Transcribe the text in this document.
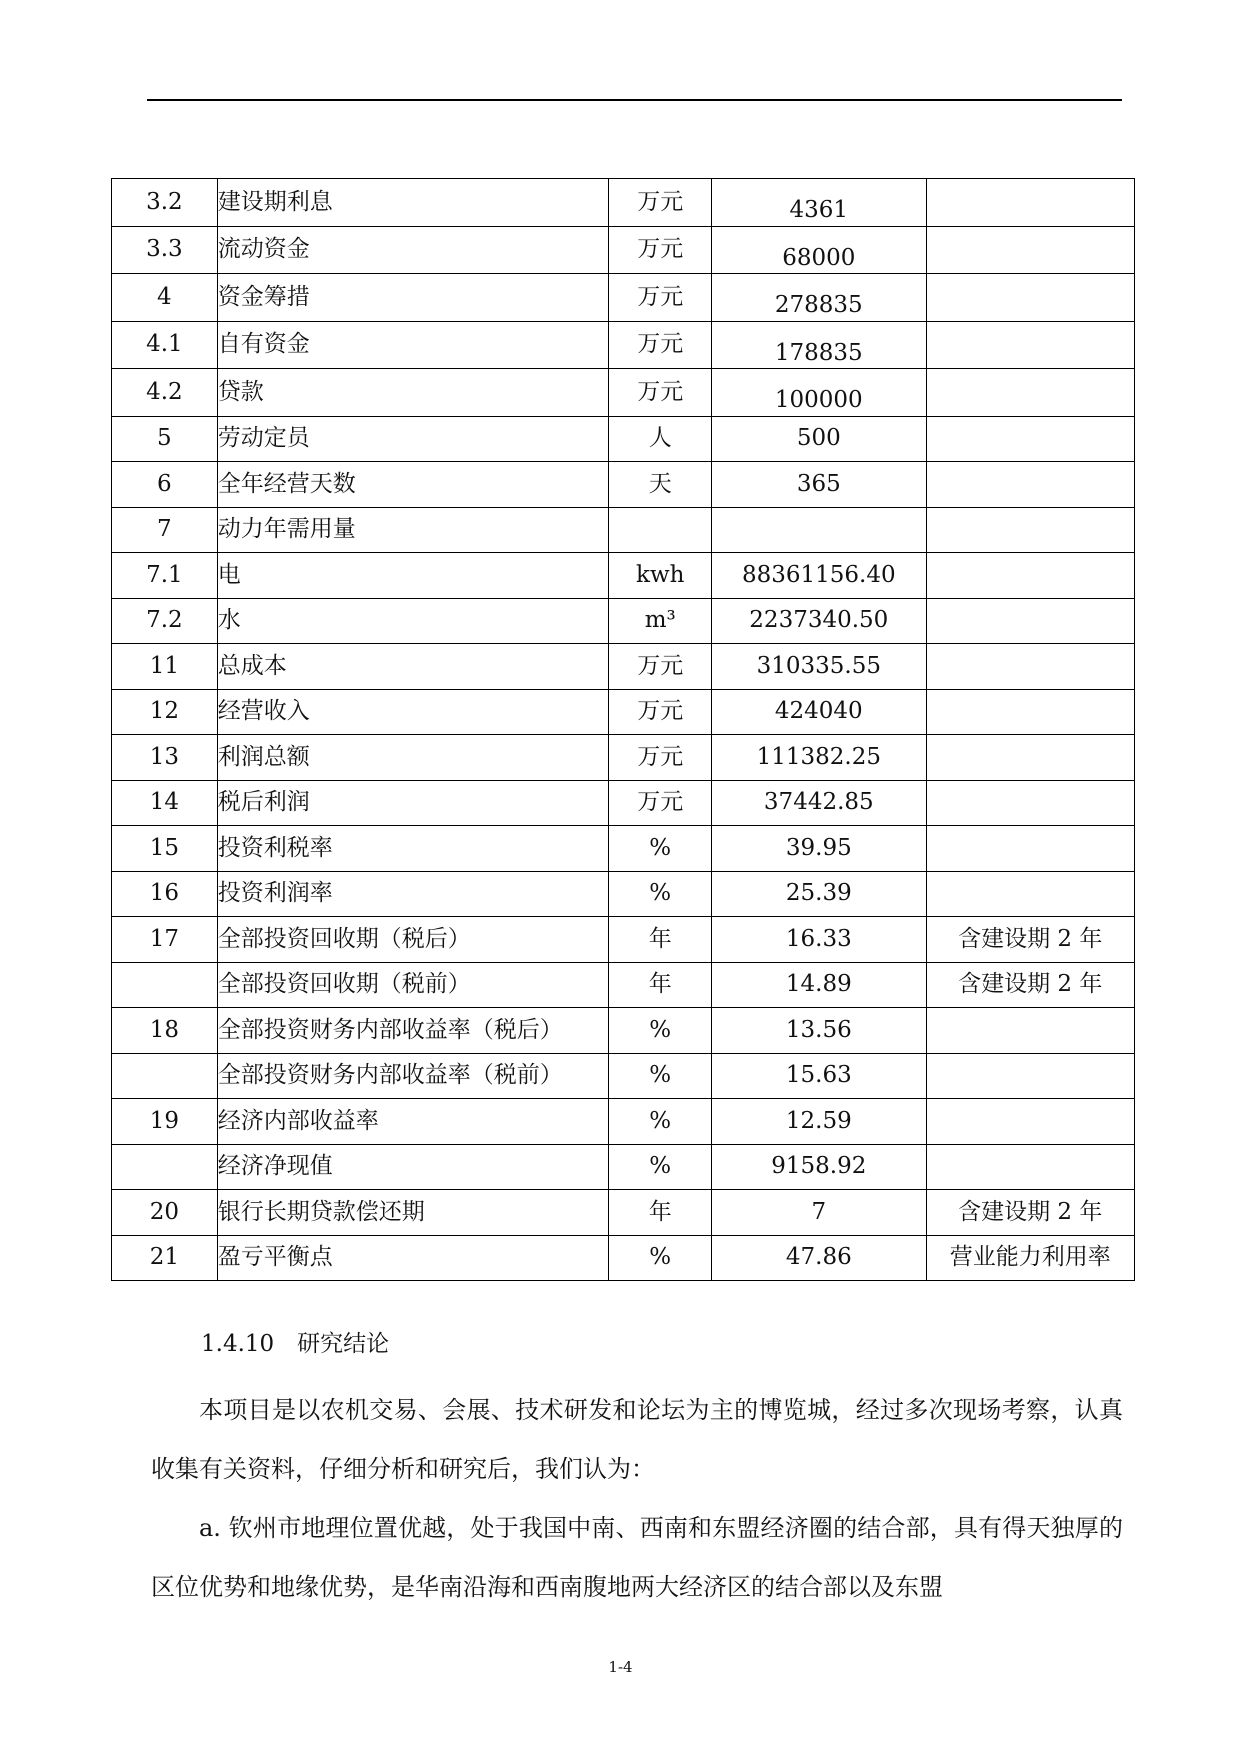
3.2	建设期利息	万元	4361	
3.3	流动资金	万元	68000	
4	资金筹措	万元	278835	
4.1	自有资金	万元	178835	
4.2	贷款	万元	100000	
5	劳动定员	人	500	
6	全年经营天数	天	365	
7	动力年需用量			
7.1	电	kwh	88361156.40	
7.2	水	m³	2237340.50	
11	总成本	万元	310335.55	
12	经营收入	万元	424040	
13	利润总额	万元	111382.25	
14	税后利润	万元	37442.85	
15	投资利税率	%	39.95	
16	投资利润率	%	25.39	
17	全部投资回收期（税后）	年	16.33	含建设期 2 年
	全部投资回收期（税前）	年	14.89	含建设期 2 年
18	全部投资财务内部收益率（税后）	%	13.56	
	全部投资财务内部收益率（税前）	%	15.63	
19	经济内部收益率	%	12.59	
	经济净现值	%	9158.92	
20	银行长期贷款偿还期	年	7	含建设期 2 年
21	盈亏平衡点	%	47.86	营业能力利用率
1.4.10　研究结论

本项目是以农机交易、会展、技术研发和论坛为主的博览城，经过多次现场考察，认真收集有关资料，仔细分析和研究后，我们认为：

a. 钦州市地理位置优越，处于我国中南、西南和东盟经济圈的结合部，具有得天独厚的区位优势和地缘优势，是华南沿海和西南腹地两大经济区的结合部以及东盟

1-4
